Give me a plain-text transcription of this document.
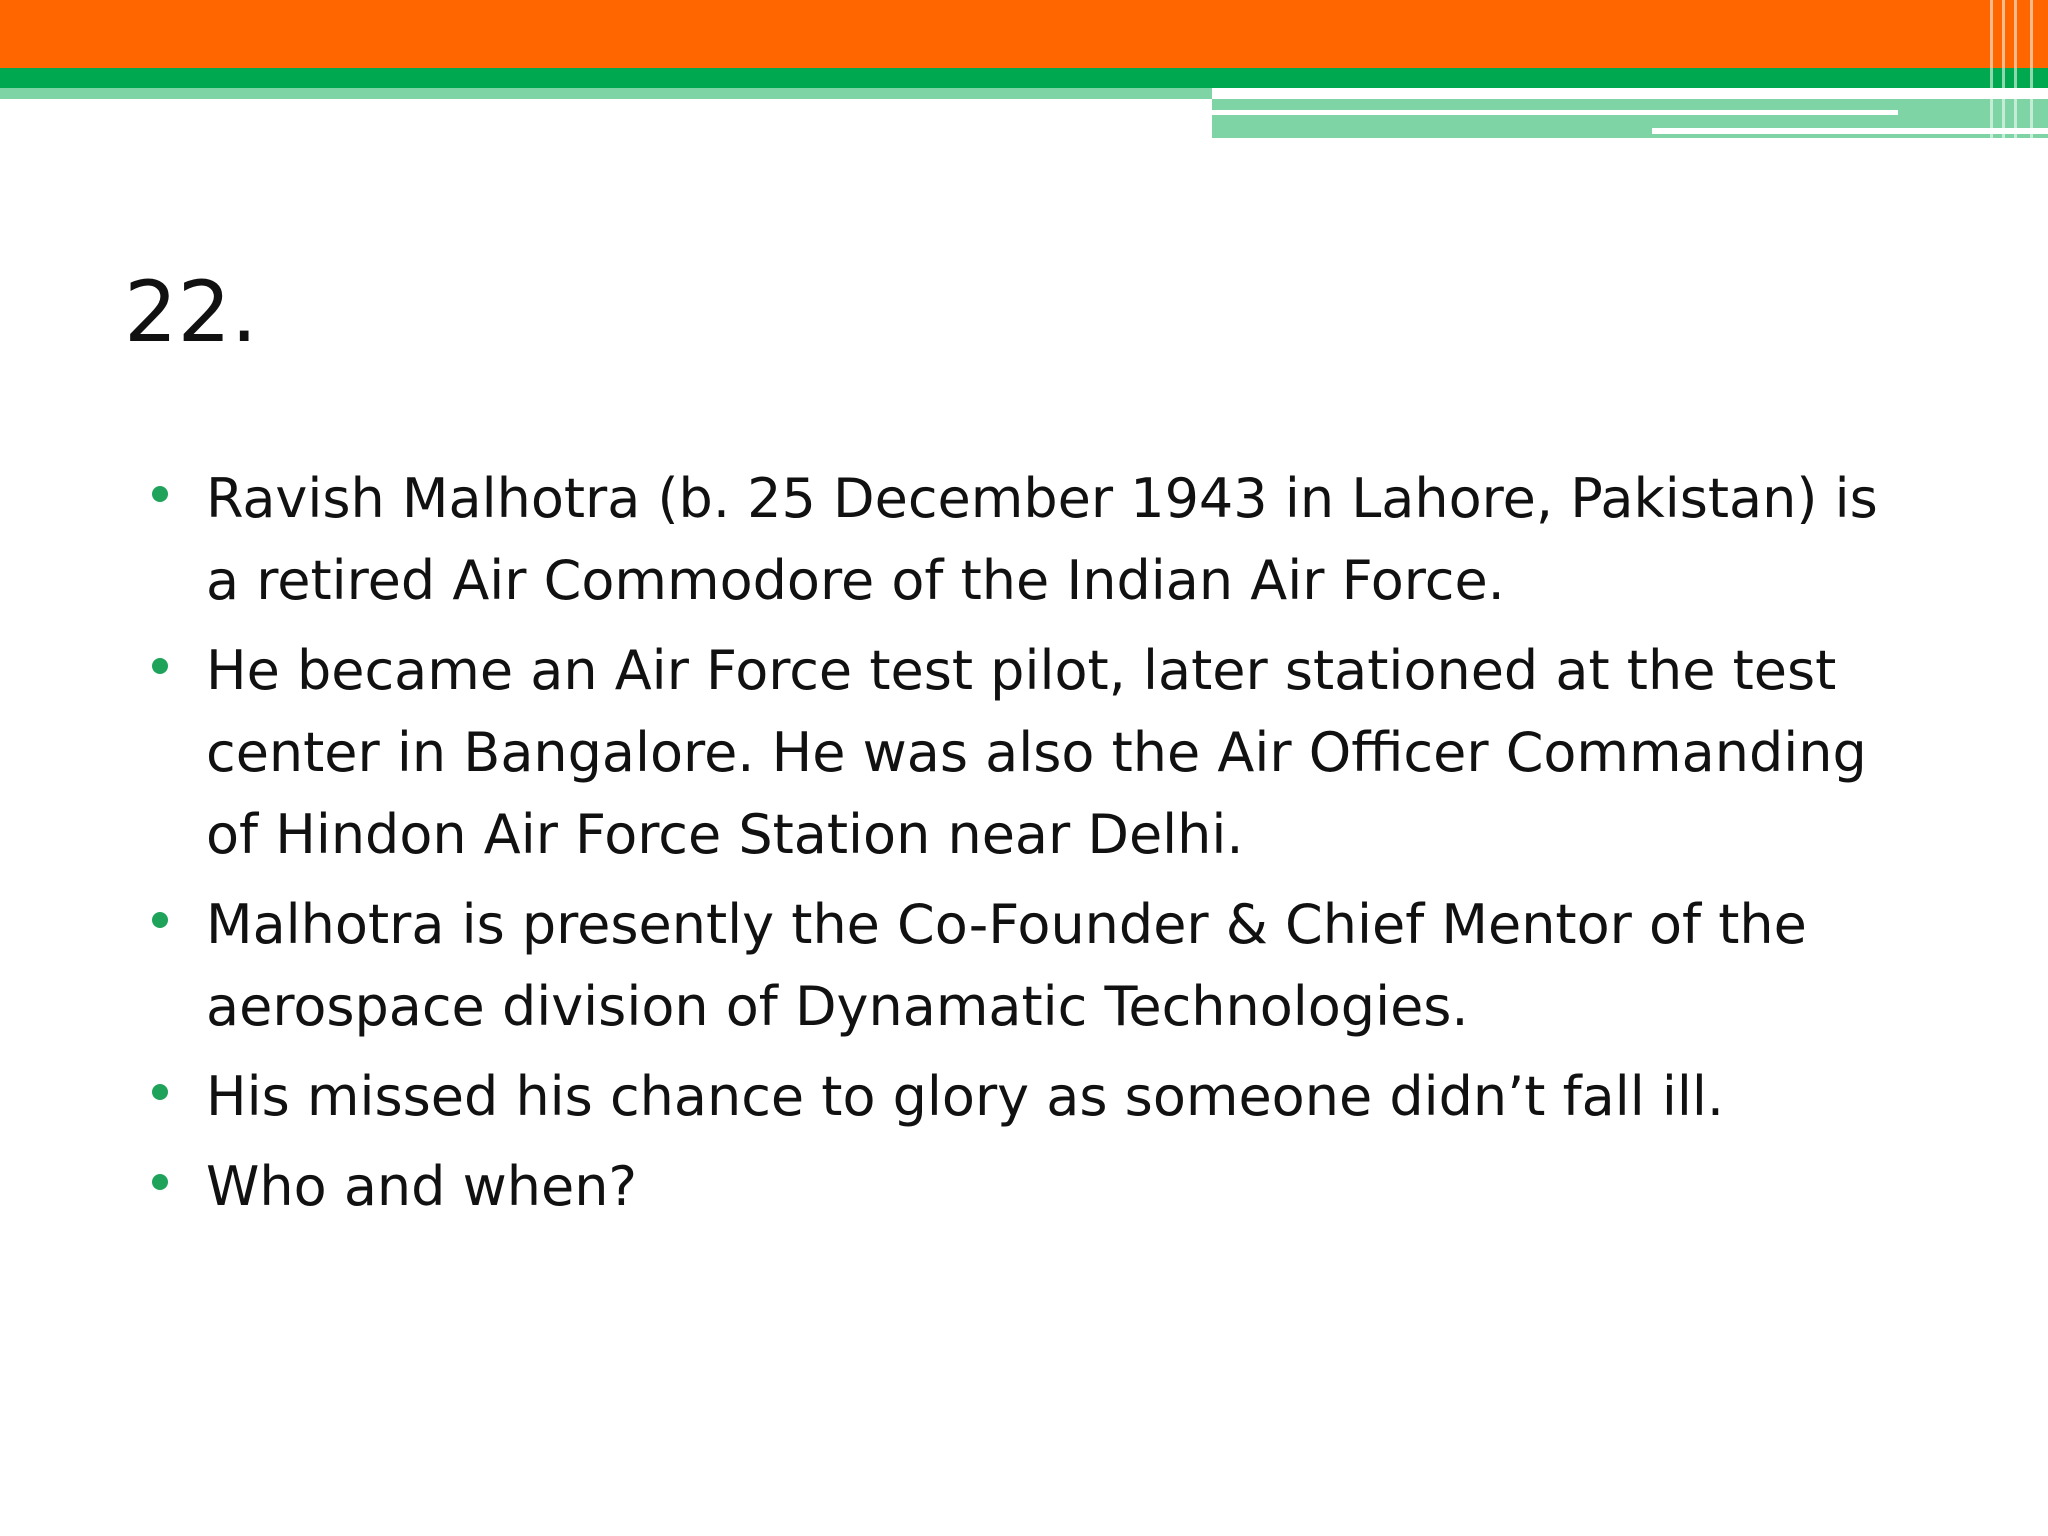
22.
Ravish Malhotra (b. 25 December 1943 in Lahore, Pakistan) is a retired Air Commodore of the Indian Air Force.
He became an Air Force test pilot, later stationed at the test center in Bangalore. He was also the Air Officer Commanding of Hindon Air Force Station near Delhi.
Malhotra is presently the Co-Founder & Chief Mentor of the aerospace division of Dynamatic Technologies.
His missed his chance to glory as someone didn’t fall ill.
Who and when?
